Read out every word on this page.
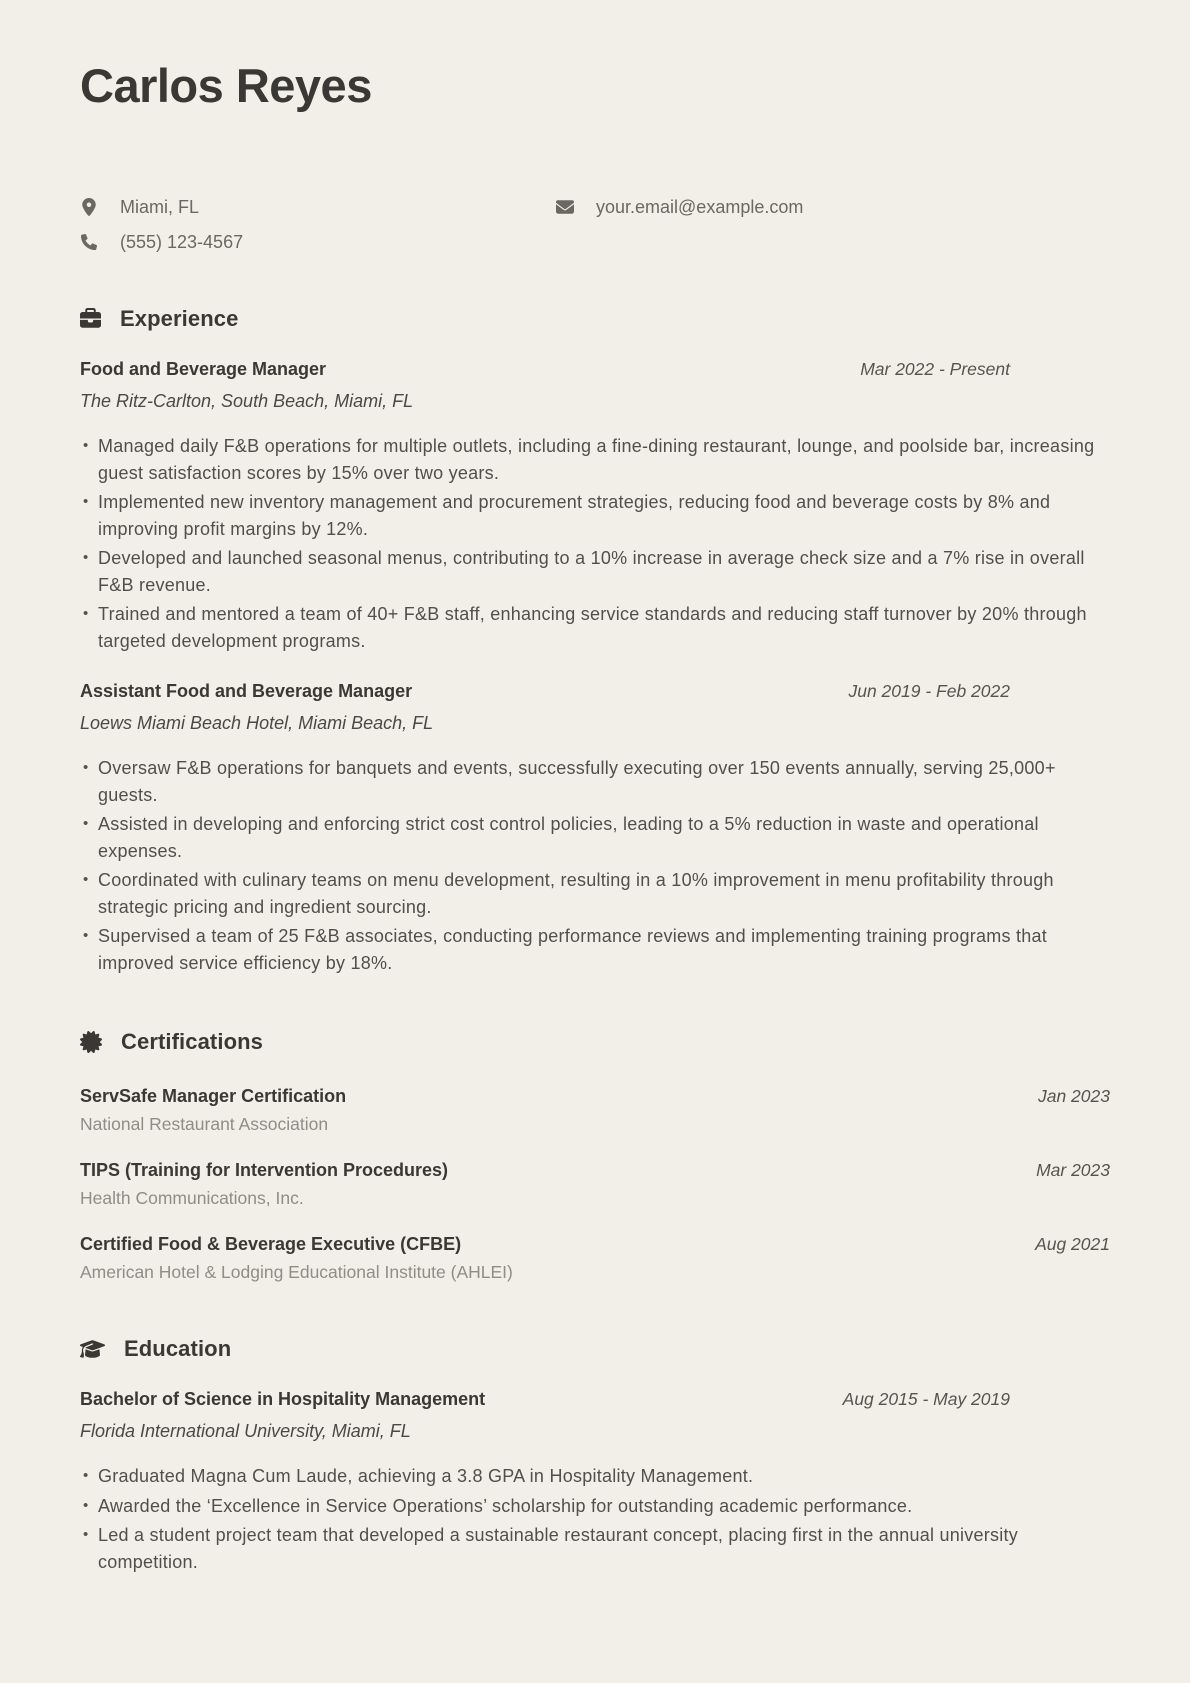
Carlos Reyes
Miami, FL	your.email@example.com
(555) 123-4567
Experience
Food and Beverage Manager	Mar 2022 - Present
The Ritz-Carlton, South Beach, Miami, FL
• Managed daily F&B operations for multiple outlets, including a fine-dining restaurant, lounge, and poolside bar, increasing guest satisfaction scores by 15% over two years.
• Implemented new inventory management and procurement strategies, reducing food and beverage costs by 8% and improving profit margins by 12%.
• Developed and launched seasonal menus, contributing to a 10% increase in average check size and a 7% rise in overall F&B revenue.
• Trained and mentored a team of 40+ F&B staff, enhancing service standards and reducing staff turnover by 20% through targeted development programs.
Assistant Food and Beverage Manager	Jun 2019 - Feb 2022
Loews Miami Beach Hotel, Miami Beach, FL
• Oversaw F&B operations for banquets and events, successfully executing over 150 events annually, serving 25,000+ guests.
• Assisted in developing and enforcing strict cost control policies, leading to a 5% reduction in waste and operational expenses.
• Coordinated with culinary teams on menu development, resulting in a 10% improvement in menu profitability through strategic pricing and ingredient sourcing.
• Supervised a team of 25 F&B associates, conducting performance reviews and implementing training programs that improved service efficiency by 18%.
Certifications
ServSafe Manager Certification	Jan 2023
National Restaurant Association
TIPS (Training for Intervention Procedures)	Mar 2023
Health Communications, Inc.
Certified Food & Beverage Executive (CFBE)	Aug 2021
American Hotel & Lodging Educational Institute (AHLEI)
Education
Bachelor of Science in Hospitality Management	Aug 2015 - May 2019
Florida International University, Miami, FL
• Graduated Magna Cum Laude, achieving a 3.8 GPA in Hospitality Management.
• Awarded the ‘Excellence in Service Operations’ scholarship for outstanding academic performance.
• Led a student project team that developed a sustainable restaurant concept, placing first in the annual university competition.
